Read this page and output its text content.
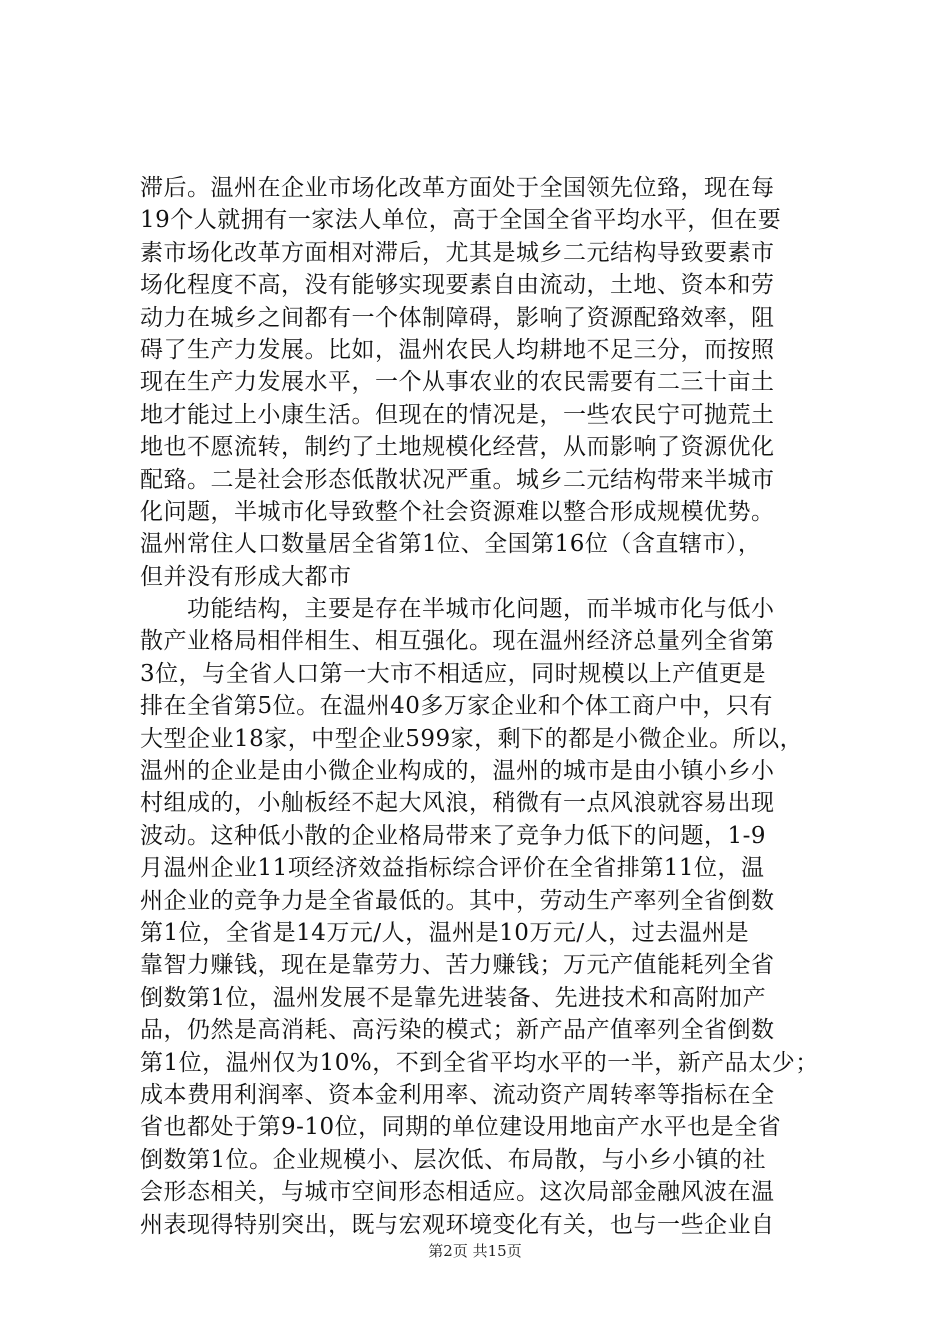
滞后。温州在企业市场化改革方面处于全国领先位臵，现在每
19个人就拥有一家法人单位，高于全国全省平均水平，但在要
素市场化改革方面相对滞后，尤其是城乡二元结构导致要素市
场化程度不高，没有能够实现要素自由流动，土地、资本和劳
动力在城乡之间都有一个体制障碍，影响了资源配臵效率，阻
碍了生产力发展。比如，温州农民人均耕地不足三分，而按照
现在生产力发展水平，一个从事农业的农民需要有二三十亩土
地才能过上小康生活。但现在的情况是，一些农民宁可抛荒土
地也不愿流转，制约了土地规模化经营，从而影响了资源优化
配臵。二是社会形态低散状况严重。城乡二元结构带来半城市
化问题，半城市化导致整个社会资源难以整合形成规模优势。
温州常住人口数量居全省第1位、全国第16位（含直辖市），
但并没有形成大都市
　　功能结构，主要是存在半城市化问题，而半城市化与低小
散产业格局相伴相生、相互强化。现在温州经济总量列全省第
3位，与全省人口第一大市不相适应，同时规模以上产值更是
排在全省第5位。在温州40多万家企业和个体工商户中，只有
大型企业18家，中型企业599家，剩下的都是小微企业。所以，
温州的企业是由小微企业构成的，温州的城市是由小镇小乡小
村组成的，小舢板经不起大风浪，稍微有一点风浪就容易出现
波动。这种低小散的企业格局带来了竞争力低下的问题，1-9
月温州企业11项经济效益指标综合评价在全省排第11位，温
州企业的竞争力是全省最低的。其中，劳动生产率列全省倒数
第1位，全省是14万元/人，温州是10万元/人，过去温州是
靠智力赚钱，现在是靠劳力、苦力赚钱；万元产值能耗列全省
倒数第1位，温州发展不是靠先进装备、先进技术和高附加产
品，仍然是高消耗、高污染的模式；新产品产值率列全省倒数
第1位，温州仅为10%，不到全省平均水平的一半，新产品太少；
成本费用利润率、资本金利用率、流动资产周转率等指标在全
省也都处于第9-10位，同期的单位建设用地亩产水平也是全省
倒数第1位。企业规模小、层次低、布局散，与小乡小镇的社
会形态相关，与城市空间形态相适应。这次局部金融风波在温
州表现得特别突出，既与宏观环境变化有关，也与一些企业自
第2页 共15页
